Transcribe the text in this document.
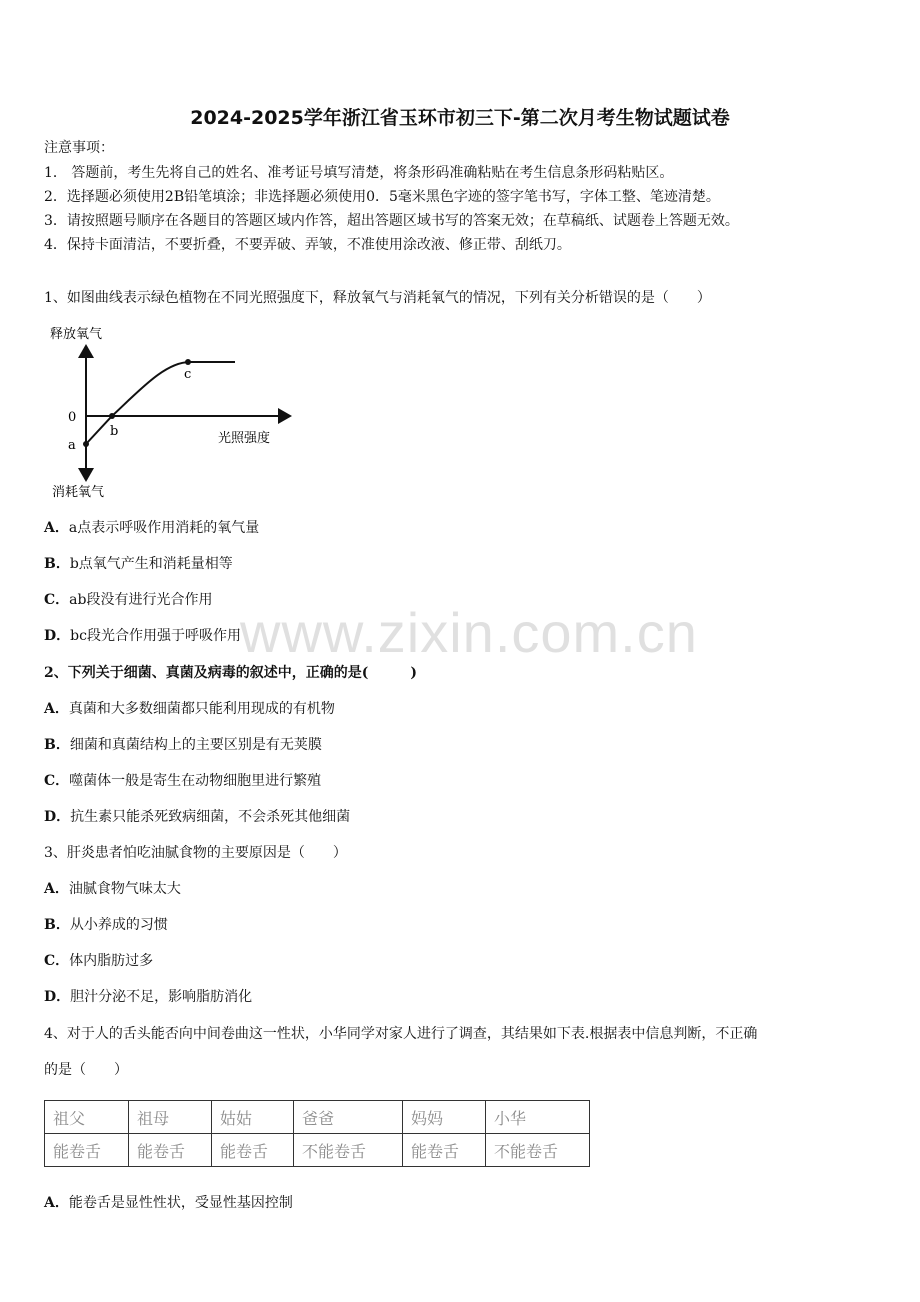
2024-2025学年浙江省玉环市初三下-第二次月考生物试题试卷
注意事项：
1． 答题前，考生先将自己的姓名、准考证号填写清楚，将条形码准确粘贴在考生信息条形码粘贴区。
2．选择题必须使用2B铅笔填涂；非选择题必须使用0．5毫米黑色字迹的签字笔书写，字体工整、笔迹清楚。
3．请按照题号顺序在各题目的答题区域内作答，超出答题区域书写的答案无效；在草稿纸、试题卷上答题无效。
4．保持卡面清洁，不要折叠，不要弄破、弄皱，不准使用涂改液、修正带、刮纸刀。
1、如图曲线表示绿色植物在不同光照强度下，释放氧气与消耗氧气的情况，下列有关分析错误的是（　　）
释放氧气
消耗氧气
光照强度
0
a
b
c
A．a点表示呼吸作用消耗的氧气量
B．b点氧气产生和消耗量相等
C．ab段没有进行光合作用
D．bc段光合作用强于呼吸作用 www.zixin.com.cn
2、下列关于细菌、真菌及病毒的叙述中，正确的是(　　　)
A．真菌和大多数细菌都只能利用现成的有机物
B．细菌和真菌结构上的主要区别是有无荚膜
C．噬菌体一般是寄生在动物细胞里进行繁殖
D．抗生素只能杀死致病细菌，不会杀死其他细菌
3、肝炎患者怕吃油腻食物的主要原因是（　　）
A．油腻食物气味太大
B．从小养成的习惯
C．体内脂肪过多
D．胆汁分泌不足，影响脂肪消化
4、对于人的舌头能否向中间卷曲这一性状，小华同学对家人进行了调查，其结果如下表.根据表中信息判断，不正确
的是（　　）
祖父	祖母	姑姑	爸爸	妈妈	小华
能卷舌	能卷舌	能卷舌	不能卷舌	能卷舌	不能卷舌
A．能卷舌是显性性状，受显性基因控制
